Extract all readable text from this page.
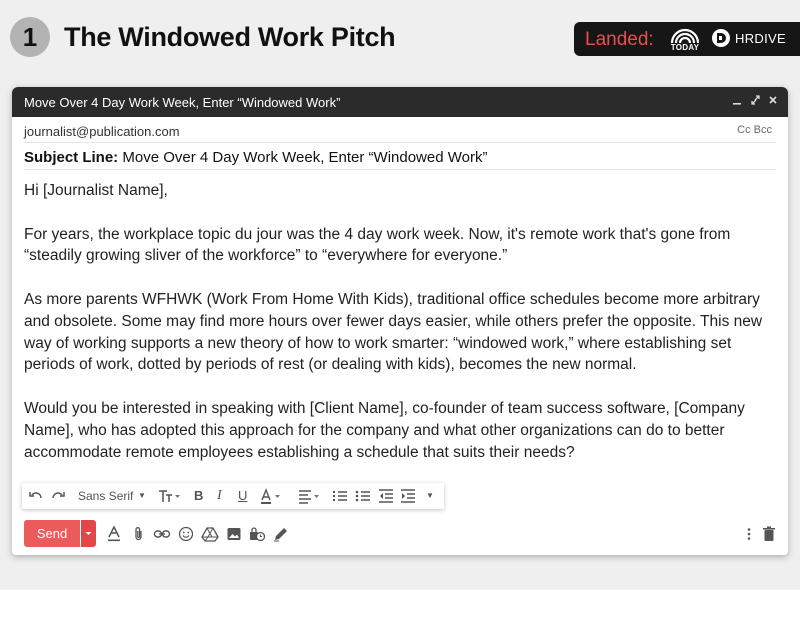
1 The Windowed Work Pitch	Landed: TODAY
HRDIVE
Move Over 4 Day Work Week, Enter “Windowed Work”
journalist@publication.com	Cc Bcc
Subject Line: Move Over 4 Day Work Week, Enter “Windowed Work”

Hi [Journalist Name],

For years, the workplace topic du jour was the 4 day work week. Now, it's remote work that's gone from “steadily growing sliver of the workforce” to “everywhere for everyone.”

As more parents WFHWK (Work From Home With Kids), traditional office schedules become more arbitrary and obsolete. Some may find more hours over fewer days easier, while others prefer the opposite. This new way of working supports a new theory of how to work smarter: “windowed work,” where establishing set periods of work, dotted by periods of rest (or dealing with kids), becomes the new normal.

Would you be interested in speaking with [Client Name], co-founder of team success software, [Company Name], who has adopted this approach for the company and what other organizations can do to better accommodate remote employees establishing a schedule that suits their needs?

Sans Serif ▼	B I U	▼
Send
